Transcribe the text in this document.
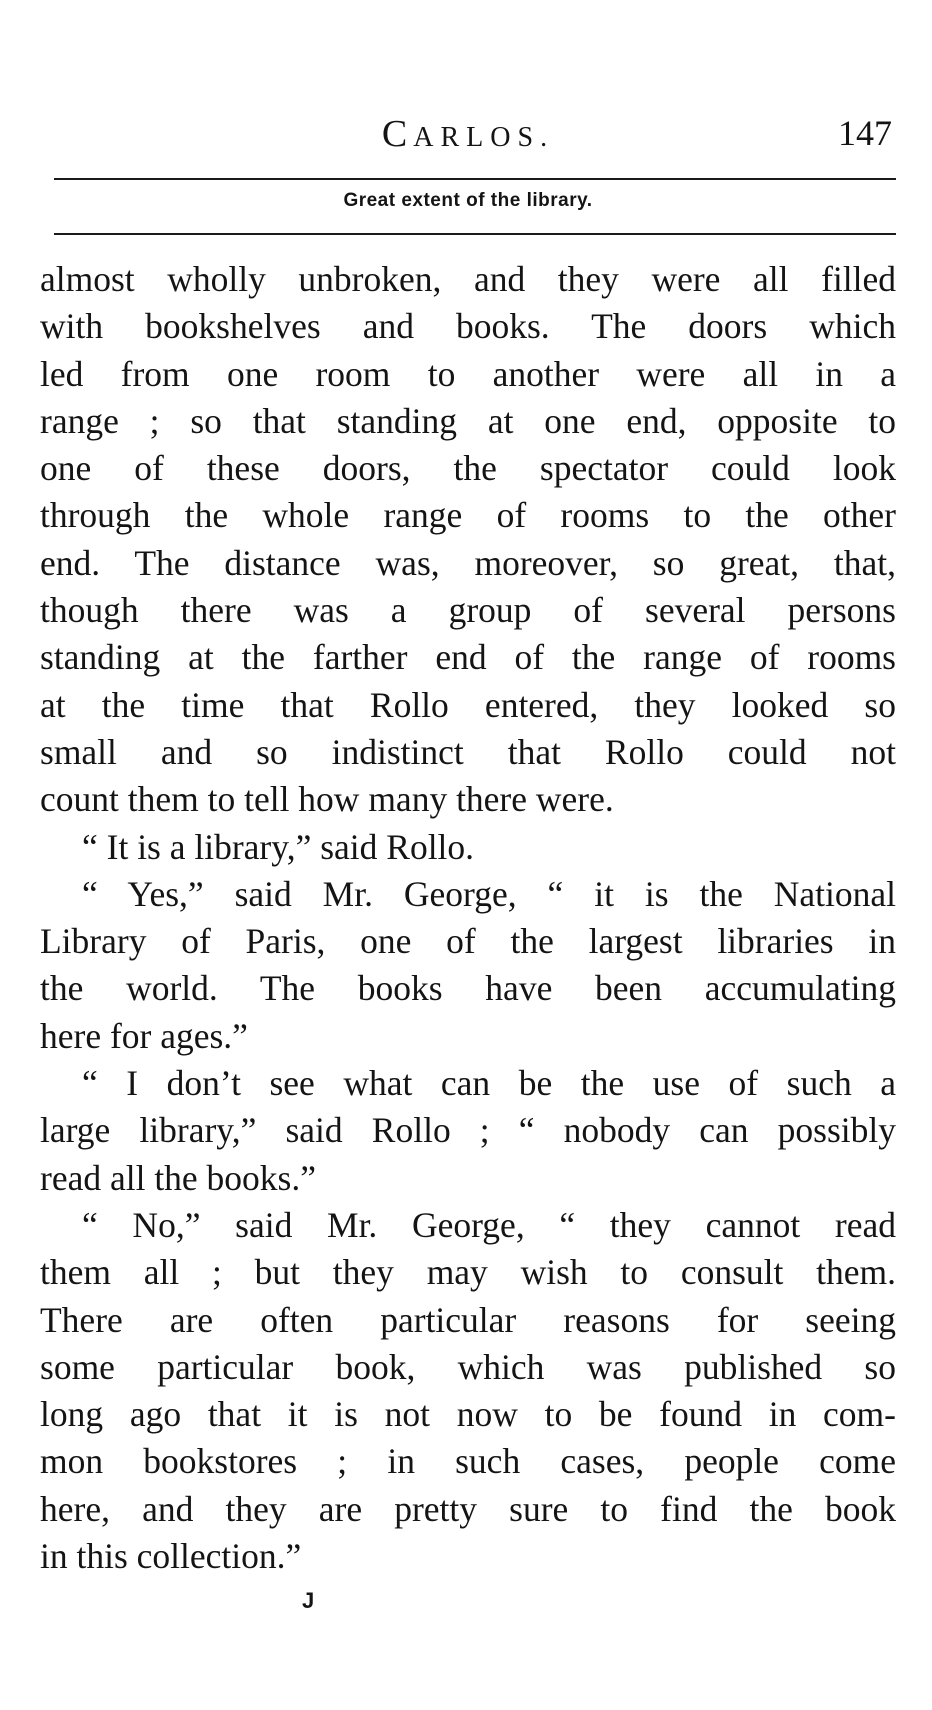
CARLOS.	147
Great extent of the library.
almost wholly unbroken, and they were all filled
with bookshelves and books. The doors which
led from one room to another were all in a
range ; so that standing at one end, opposite to
one of these doors, the spectator could look
through the whole range of rooms to the other
end. The distance was, moreover, so great, that,
though there was a group of several persons
standing at the farther end of the range of rooms
at the time that Rollo entered, they looked so
small and so indistinct that Rollo could not
count them to tell how many there were.
“ It is a library,” said Rollo.
“ Yes,” said Mr. George, “ it is the National
Library of Paris, one of the largest libraries in
the world. The books have been accumulating
here for ages.”
“ I don’t see what can be the use of such a
large library,” said Rollo ; “ nobody can possibly
read all the books.”
“ No,” said Mr. George, “ they cannot read
them all ; but they may wish to consult them.
There are often particular reasons for seeing
some particular book, which was published so
long ago that it is not now to be found in com-
mon bookstores ; in such cases, people come
here, and they are pretty sure to find the book
in this collection.”
J
